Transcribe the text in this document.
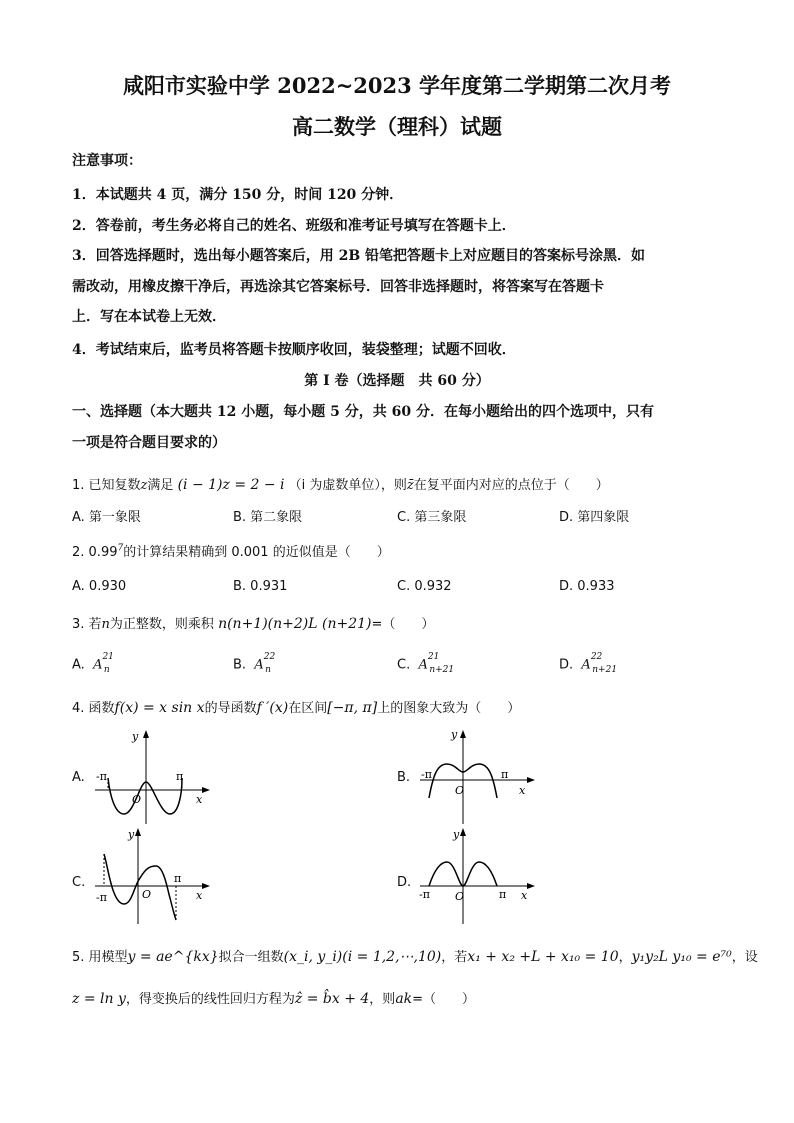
咸阳市实验中学 2022~2023 学年度第二学期第二次月考
高二数学（理科）试题
注意事项：
1．本试题共 4 页，满分 150 分，时间 120 分钟．
2．答卷前，考生务必将自己的姓名、班级和准考证号填写在答题卡上．
3．回答选择题时，选出每小题答案后，用 2B 铅笔把答题卡上对应题目的答案标号涂黑．如
需改动，用橡皮擦干净后，再选涂其它答案标号．回答非选择题时，将答案写在答题卡
上．写在本试卷上无效．
4．考试结束后，监考员将答题卡按顺序收回，装袋整理；试题不回收．
第 I 卷（选择题　共 60 分）
一、选择题（本大题共 12 小题，每小题 5 分，共 60 分．在每小题给出的四个选项中，只有
一项是符合题目要求的）
1. 已知复数z满足 (i − 1)z = 2 − i （i 为虚数单位），则z̄在复平面内对应的点位于（　　）
A. 第一象限	B. 第二象限	C. 第三象限	D. 第四象限
2. 0.99$^7$的计算结果精确到 0.001 的近似值是（　　）
A. 0.930	B. 0.931	C. 0.932	D. 0.933
3. 若n为正整数，则乘积 n(n+1)(n+2)L (n+21)=（　　）
A. $A^{21}_n$	B. $A^{22}_n$	C. $A^{21}_{n+21}$	D. $A^{22}_{n+21}$
4. 函数f(x) = x sin x的导函数f ′(x)在区间[−π, π]上的图象大致为（　　）
A. -π	π
O	x
y
B. -π	π
O	x
y
C.
-π
π
O	x
y
D.
-π	π
O	x
y
5. 用模型y = ae^{kx}拟合一组数(x_i, y_i)(i = 1,2,⋯,10)，若x₁ + x₂ +L + x₁₀ = 10，y₁y₂L y₁₀ = e⁷⁰，设
z = ln y，得变换后的线性回归方程为ẑ = b̂x + 4，则ak=（　　）
